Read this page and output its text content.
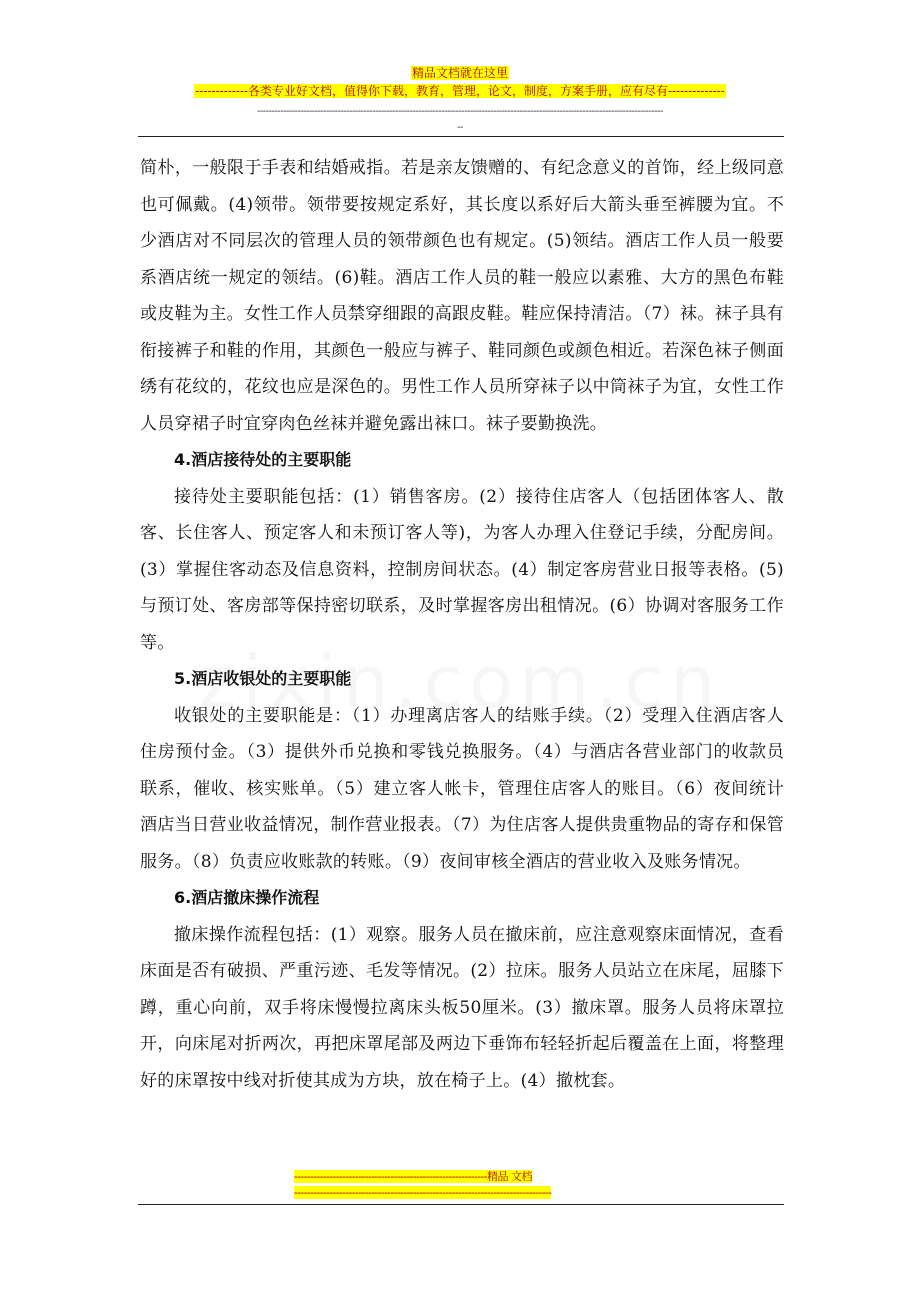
精品文档就在这里
-------------各类专业好文档，值得你下载，教育，管理，论文，制度，方案手册，应有尽有--------------
---------------------------------------------------------------------------------------------------------------------------------------------
--

简朴，一般限于手表和结婚戒指。若是亲友馈赠的、有纪念意义的首饰，经上级同意也可佩戴。(4)领带。领带要按规定系好，其长度以系好后大箭头垂至裤腰为宜。不少酒店对不同层次的管理人员的领带颜色也有规定。(5)领结。酒店工作人员一般要系酒店统一规定的领结。(6)鞋。酒店工作人员的鞋一般应以素雅、大方的黑色布鞋或皮鞋为主。女性工作人员禁穿细跟的高跟皮鞋。鞋应保持清洁。（7）袜。袜子具有衔接裤子和鞋的作用，其颜色一般应与裤子、鞋同颜色或颜色相近。若深色袜子侧面绣有花纹的，花纹也应是深色的。男性工作人员所穿袜子以中筒袜子为宜，女性工作人员穿裙子时宜穿肉色丝袜并避免露出袜口。袜子要勤换洗。

4.酒店接待处的主要职能

接待处主要职能包括：(1）销售客房。(2）接待住店客人（包括团体客人、散客、长住客人、预定客人和未预订客人等)，为客人办理入住登记手续，分配房间。(3）掌握住客动态及信息资料，控制房间状态。(4）制定客房营业日报等表格。(5)与预订处、客房部等保持密切联系，及时掌握客房出租情况。(6）协调对客服务工作等。

5.酒店收银处的主要职能

收银处的主要职能是：（1）办理离店客人的结账手续。（2）受理入住酒店客人住房预付金。（3）提供外币兑换和零钱兑换服务。（4）与酒店各营业部门的收款员联系，催收、核实账单。（5）建立客人帐卡，管理住店客人的账目。（6）夜间统计酒店当日营业收益情况，制作营业报表。（7）为住店客人提供贵重物品的寄存和保管服务。（8）负责应收账款的转账。（9）夜间审核全酒店的营业收入及账务情况。

6.酒店撤床操作流程

撤床操作流程包括：(1）观察。服务人员在撤床前，应注意观察床面情况，查看床面是否有破损、严重污迹、毛发等情况。(2）拉床。服务人员站立在床尾，屈膝下蹲，重心向前，双手将床慢慢拉离床头板50厘米。(3）撤床罩。服务人员将床罩拉开，向床尾对折两次，再把床罩尾部及两边下垂饰布轻轻折起后覆盖在上面，将整理好的床罩按中线对折使其成为方块，放在椅子上。(4）撤枕套。

------------------------------------------------------------精品 文档
--------------------------------------------------------------------------------
